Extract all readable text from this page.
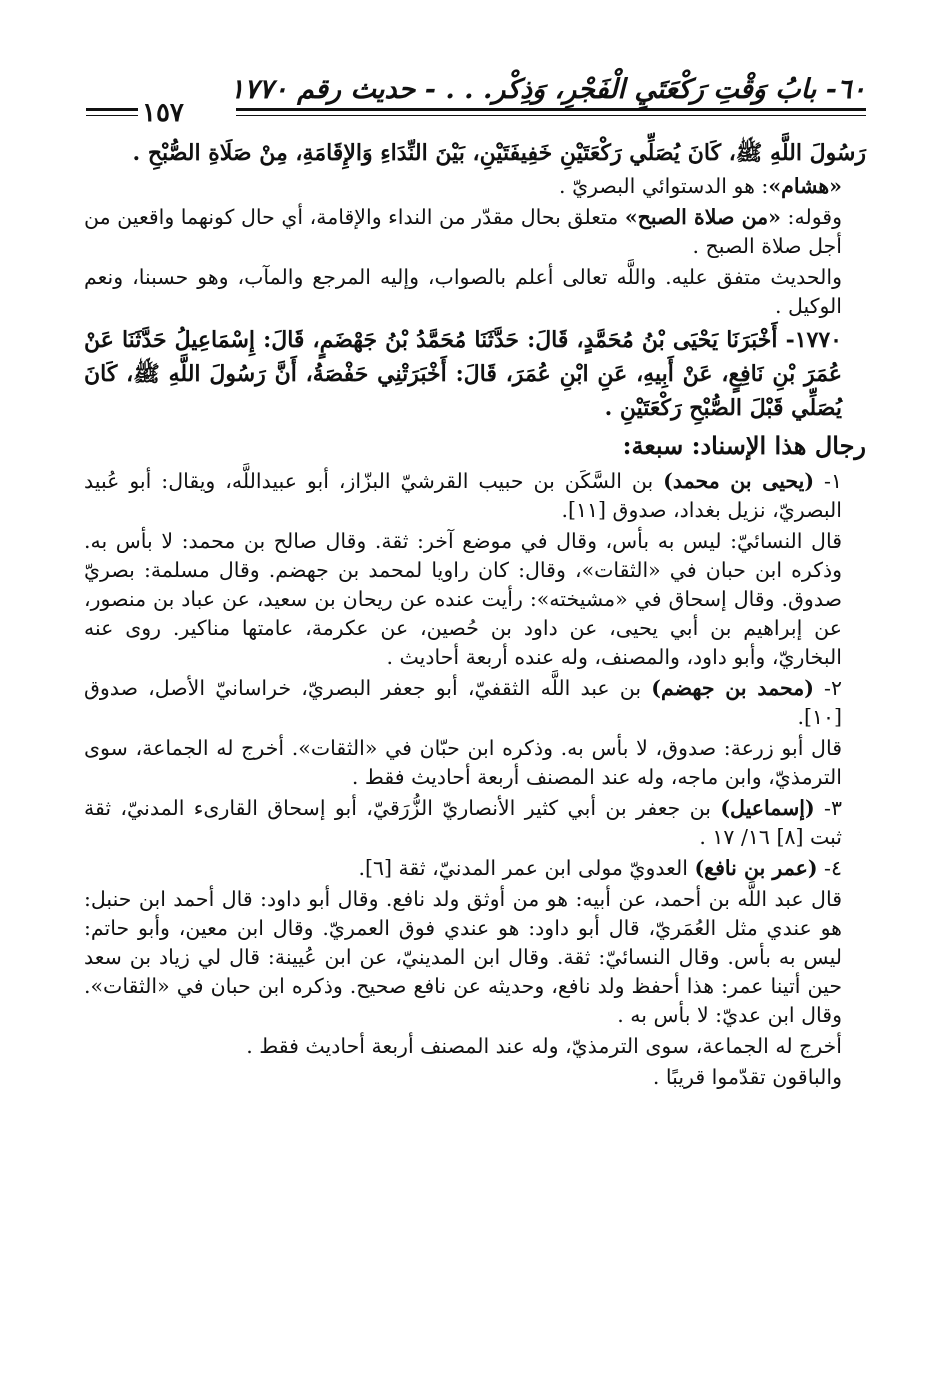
٦٠- بابُ وَقْتِ رَكْعَتَيِ الْفَجْرِ، وَذِكْر. . . - حديث رقم ١٧٧٠
١٥٧

رَسُولَ اللَّهِ ﷺ، كَانَ يُصَلِّي رَكْعَتَيْنِ خَفِيفَتَيْنِ، بَيْنَ النِّدَاءِ وَالإِقَامَةِ، مِنْ صَلَاةِ الصُّبْحِ .

«هشام»: هو الدستوائي البصريّ .

وقوله: «من صلاة الصبح» متعلق بحال مقدّر من النداء والإقامة، أي حال كونهما واقعين من أجل صلاة الصبح .

والحديث متفق عليه. واللَّه تعالى أعلم بالصواب، وإليه المرجع والمآب، وهو حسبنا، ونعم الوكيل .

١٧٧٠- أَخْبَرَنَا يَحْيَى بْنُ مُحَمَّدٍ، قَالَ: حَدَّثَنَا مُحَمَّدُ بْنُ جَهْضَمٍ، قَالَ: إِسْمَاعِيلُ حَدَّثَنَا عَنْ عُمَرَ بْنِ نَافِعٍ، عَنْ أَبِيهِ، عَنِ ابْنِ عُمَرَ، قَالَ: أَخْبَرَتْنِي حَفْصَةُ، أَنَّ رَسُولَ اللَّهِ ﷺ، كَانَ يُصَلِّي قَبْلَ الصُّبْحِ رَكْعَتَيْنِ .

رجال هذا الإسناد: سبعة:

١- (يحيى بن محمد) بن السَّكَن بن حبيب القرشيّ البزّاز، أبو عبيداللَّه، ويقال: أبو عُبيد البصريّ، نزيل بغداد، صدوق [١١].

قال النسائيّ: ليس به بأس، وقال في موضع آخر: ثقة. وقال صالح بن محمد: لا بأس به. وذكره ابن حبان في «الثقات»، وقال: كان راويا لمحمد بن جهضم. وقال مسلمة: بصريّ صدوق. وقال إسحاق في «مشيخته»: رأيت عنده عن ريحان بن سعيد، عن عباد بن منصور، عن إبراهيم بن أبي يحيى، عن داود بن حُصين، عن عكرمة، عامتها مناكير. روى عنه البخاريّ، وأبو داود، والمصنف، وله عنده أربعة أحاديث .

٢- (محمد بن جهضم) بن عبد اللَّه الثقفيّ، أبو جعفر البصريّ، خراسانيّ الأصل، صدوق [١٠].

قال أبو زرعة: صدوق، لا بأس به. وذكره ابن حبّان في «الثقات». أخرج له الجماعة، سوى الترمذيّ، وابن ماجه، وله عند المصنف أربعة أحاديث فقط .

٣- (إسماعيل) بن جعفر بن أبي كثير الأنصاريّ الزُّرَقيّ، أبو إسحاق القارىء المدنيّ، ثقة ثبت [٨] ١٦/ ١٧ .

٤- (عمر بن نافع) العدويّ مولى ابن عمر المدنيّ، ثقة [٦].

قال عبد اللَّه بن أحمد، عن أبيه: هو من أوثق ولد نافع. وقال أبو داود: قال أحمد ابن حنبل: هو عندي مثل العُمَريّ، قال أبو داود: هو عندي فوق العمريّ. وقال ابن معين، وأبو حاتم: ليس به بأس. وقال النسائيّ: ثقة. وقال ابن المدينيّ، عن ابن عُيينة: قال لي زياد بن سعد حين أتينا عمر: هذا أحفظ ولد نافع، وحديثه عن نافع صحيح. وذكره ابن حبان في «الثقات». وقال ابن عديّ: لا بأس به .

أخرج له الجماعة، سوى الترمذيّ، وله عند المصنف أربعة أحاديث فقط .

والباقون تقدّموا قريبًا .
